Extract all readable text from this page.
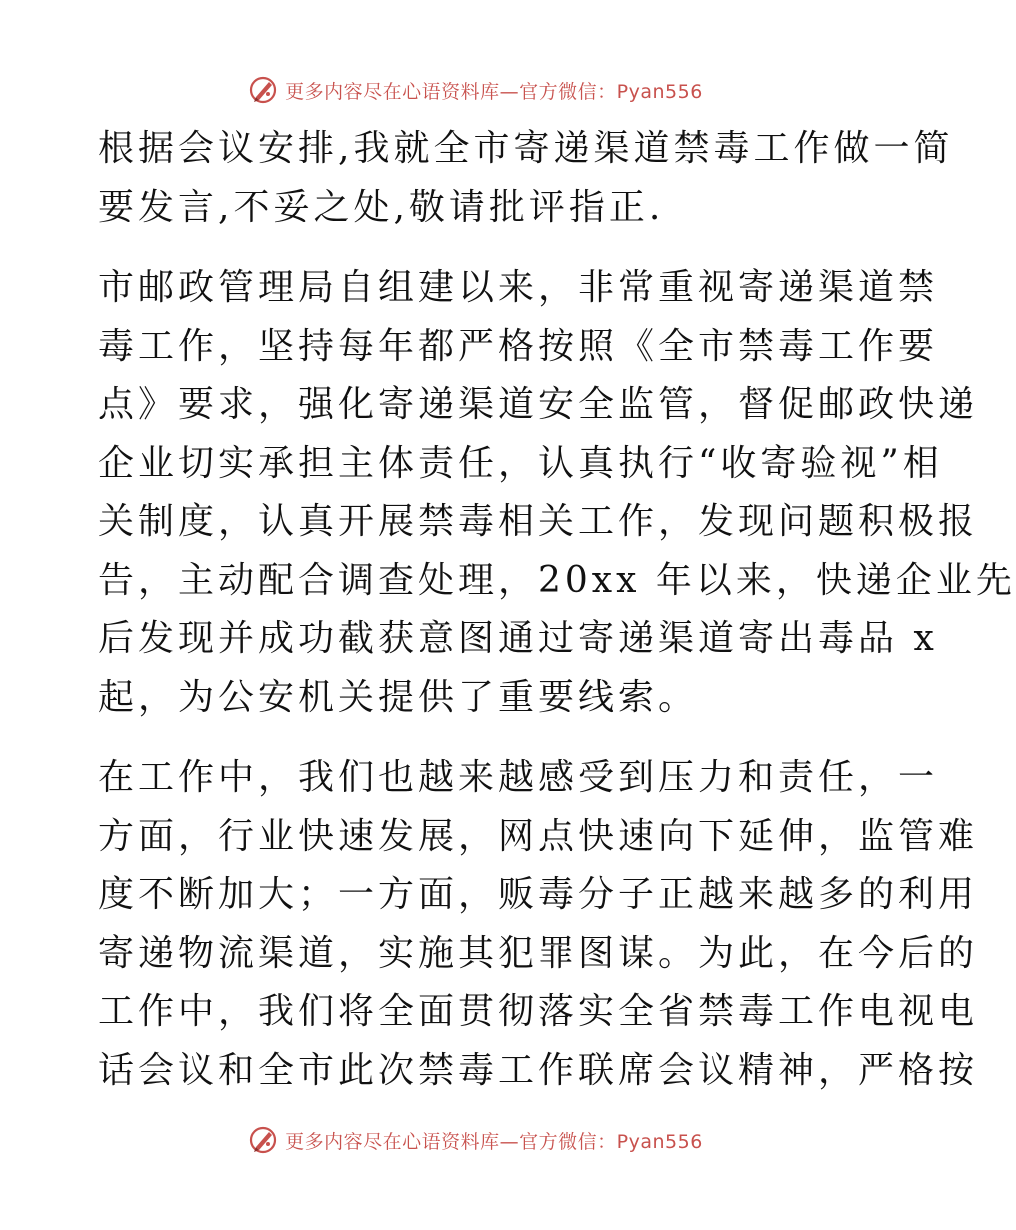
更多内容尽在心语资料库—官方微信：Pyan556

根据会议安排,我就全市寄递渠道禁毒工作做一简
要发言,不妥之处,敬请批评指正.

市邮政管理局自组建以来，非常重视寄递渠道禁
毒工作，坚持每年都严格按照《全市禁毒工作要
点》要求，强化寄递渠道安全监管，督促邮政快递
企业切实承担主体责任，认真执行“收寄验视”相
关制度，认真开展禁毒相关工作，发现问题积极报
告，主动配合调查处理，20xx 年以来，快递企业先
后发现并成功截获意图通过寄递渠道寄出毒品 x
起，为公安机关提供了重要线索。

在工作中，我们也越来越感受到压力和责任，一
方面，行业快速发展，网点快速向下延伸，监管难
度不断加大；一方面，贩毒分子正越来越多的利用
寄递物流渠道，实施其犯罪图谋。为此，在今后的
工作中，我们将全面贯彻落实全省禁毒工作电视电
话会议和全市此次禁毒工作联席会议精神，严格按

更多内容尽在心语资料库—官方微信：Pyan556
